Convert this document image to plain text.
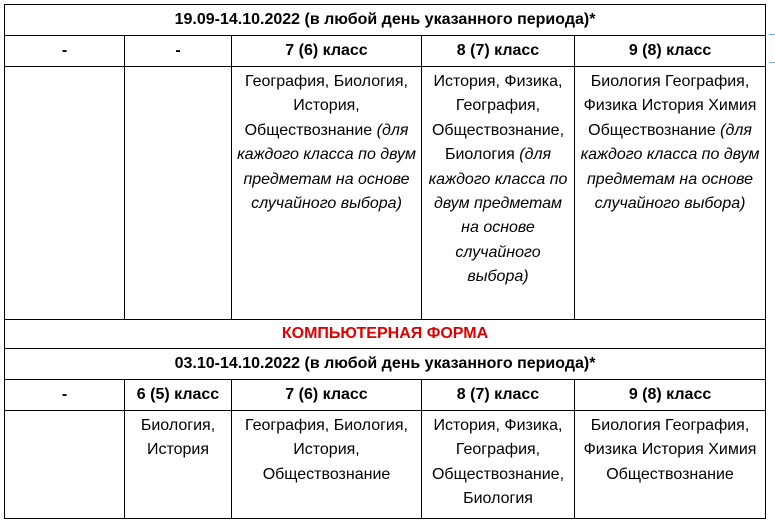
19.09-14.10.2022 (в любой день указанного периода)*				
-	-	7 (6) класс	8 (7) класс	9 (8) класс
		География, Биология, История, Обществознание (для каждого класса по двум предметам на основе случайного выбора)	История, Физика, География, Обществознание, Биология (для каждого класса по двум предметам на основе случайного выбора)	Биология География, Физика История Химия Обществознание (для каждого класса по двум предметам на основе случайного выбора)
КОМПЬЮТЕРНАЯ ФОРМА				
03.10-14.10.2022 (в любой день указанного периода)*				
-	6 (5) класс	7 (6) класс	8 (7) класс	9 (8) класс
	Биология, История	География, Биология, История, Обществознание	История, Физика, География, Обществознание, Биология	Биология География, Физика История Химия Обществознание
